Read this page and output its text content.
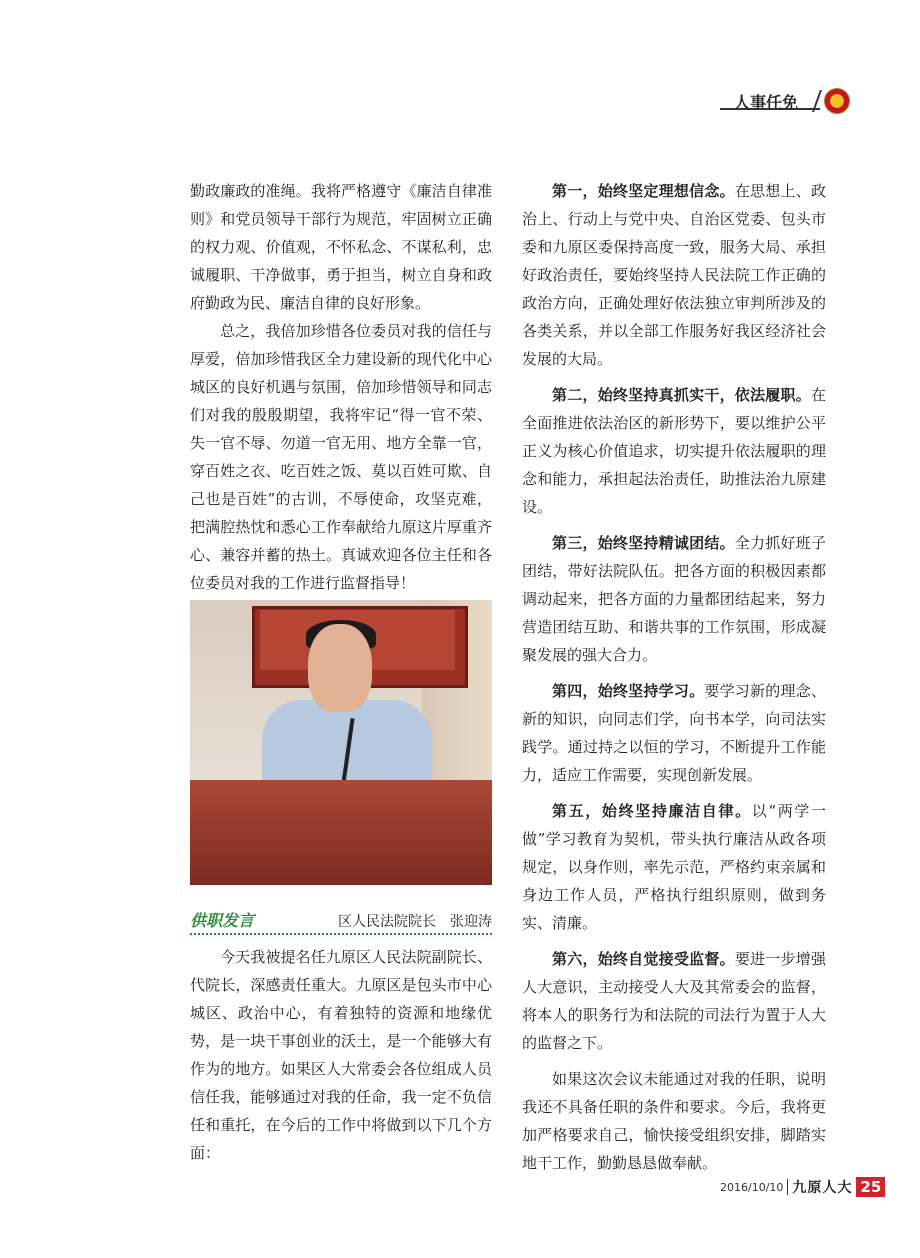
人事任免

勤政廉政的准绳。我将严格遵守《廉洁自律准则》和党员领导干部行为规范，牢固树立正确的权力观、价值观，不怀私念、不谋私利，忠诚履职、干净做事，勇于担当，树立自身和政府勤政为民、廉洁自律的良好形象。

总之，我倍加珍惜各位委员对我的信任与厚爱，倍加珍惜我区全力建设新的现代化中心城区的良好机遇与氛围，倍加珍惜领导和同志们对我的殷殷期望，我将牢记“得一官不荣、失一官不辱、勿道一官无用、地方全靠一官，穿百姓之衣、吃百姓之饭、莫以百姓可欺、自己也是百姓”的古训，不辱使命，攻坚克难，把满腔热忱和悉心工作奉献给九原这片厚重齐心、兼容并蓄的热土。真诚欢迎各位主任和各位委员对我的工作进行监督指导！

供职发言	区人民法院院长　张迎涛

今天我被提名任九原区人民法院副院长、代院长，深感责任重大。九原区是包头市中心城区、政治中心，有着独特的资源和地缘优势，是一块干事创业的沃土，是一个能够大有作为的地方。如果区人大常委会各位组成人员信任我，能够通过对我的任命，我一定不负信任和重托，在今后的工作中将做到以下几个方面：

第一，始终坚定理想信念。在思想上、政治上、行动上与党中央、自治区党委、包头市委和九原区委保持高度一致，服务大局、承担好政治责任，要始终坚持人民法院工作正确的政治方向，正确处理好依法独立审判所涉及的各类关系，并以全部工作服务好我区经济社会发展的大局。

第二，始终坚持真抓实干，依法履职。在全面推进依法治区的新形势下，要以维护公平正义为核心价值追求，切实提升依法履职的理念和能力，承担起法治责任，助推法治九原建设。

第三，始终坚持精诚团结。全力抓好班子团结，带好法院队伍。把各方面的积极因素都调动起来，把各方面的力量都团结起来，努力营造团结互助、和谐共事的工作氛围，形成凝聚发展的强大合力。

第四，始终坚持学习。要学习新的理念、新的知识，向同志们学，向书本学，向司法实践学。通过持之以恒的学习，不断提升工作能力，适应工作需要，实现创新发展。

第五，始终坚持廉洁自律。以“两学一做”学习教育为契机，带头执行廉洁从政各项规定，以身作则，率先示范，严格约束亲属和身边工作人员，严格执行组织原则，做到务实、清廉。

第六，始终自觉接受监督。要进一步增强人大意识，主动接受人大及其常委会的监督，将本人的职务行为和法院的司法行为置于人大的监督之下。

如果这次会议未能通过对我的任职，说明我还不具备任职的条件和要求。今后，我将更加严格要求自己，愉快接受组织安排，脚踏实地干工作，勤勤恳恳做奉献。

2016/10/10 九原人大 25
